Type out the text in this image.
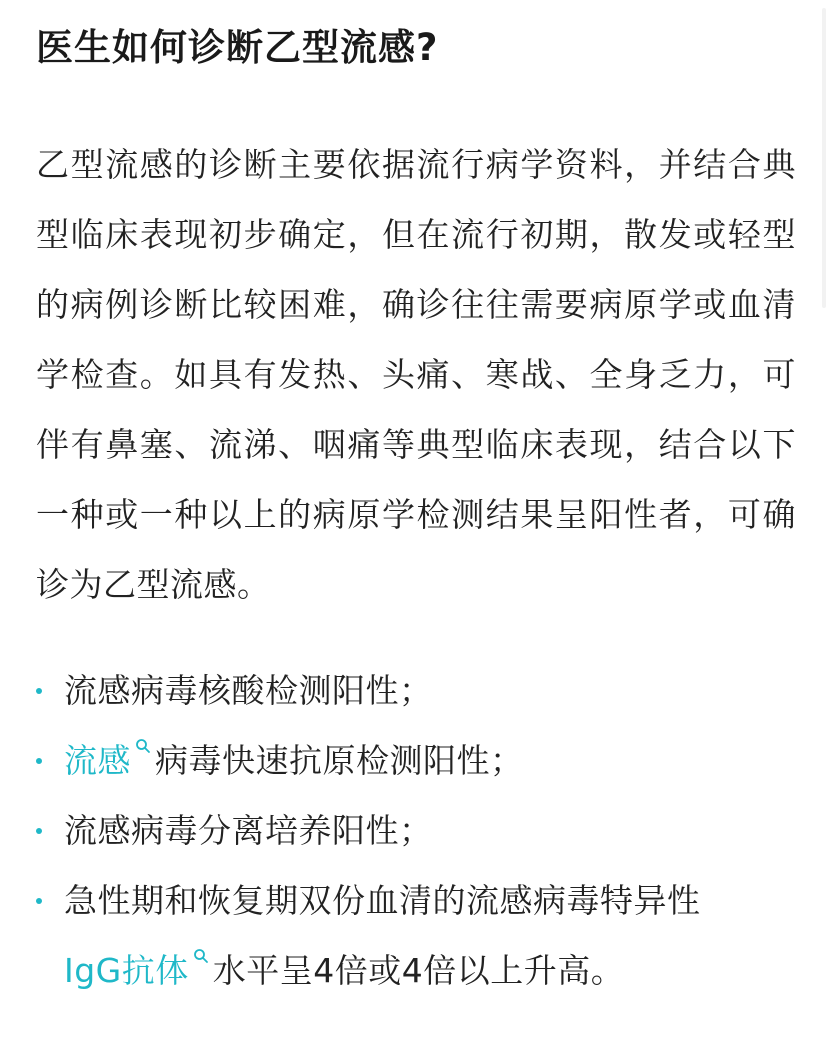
医生如何诊断乙型流感?

乙型流感的诊断主要依据流行病学资料，并结合典型临床表现初步确定，但在流行初期，散发或轻型的病例诊断比较困难，确诊往往需要病原学或血清学检查。如具有发热、头痛、寒战、全身乏力，可伴有鼻塞、流涕、咽痛等典型临床表现，结合以下一种或一种以上的病原学检测结果呈阳性者，可确诊为乙型流感。

流感病毒核酸检测阳性；
流感 病毒快速抗原检测阳性；
流感病毒分离培养阳性；
急性期和恢复期双份血清的流感病毒特异性IgG抗体 水平呈4倍或4倍以上升高。
